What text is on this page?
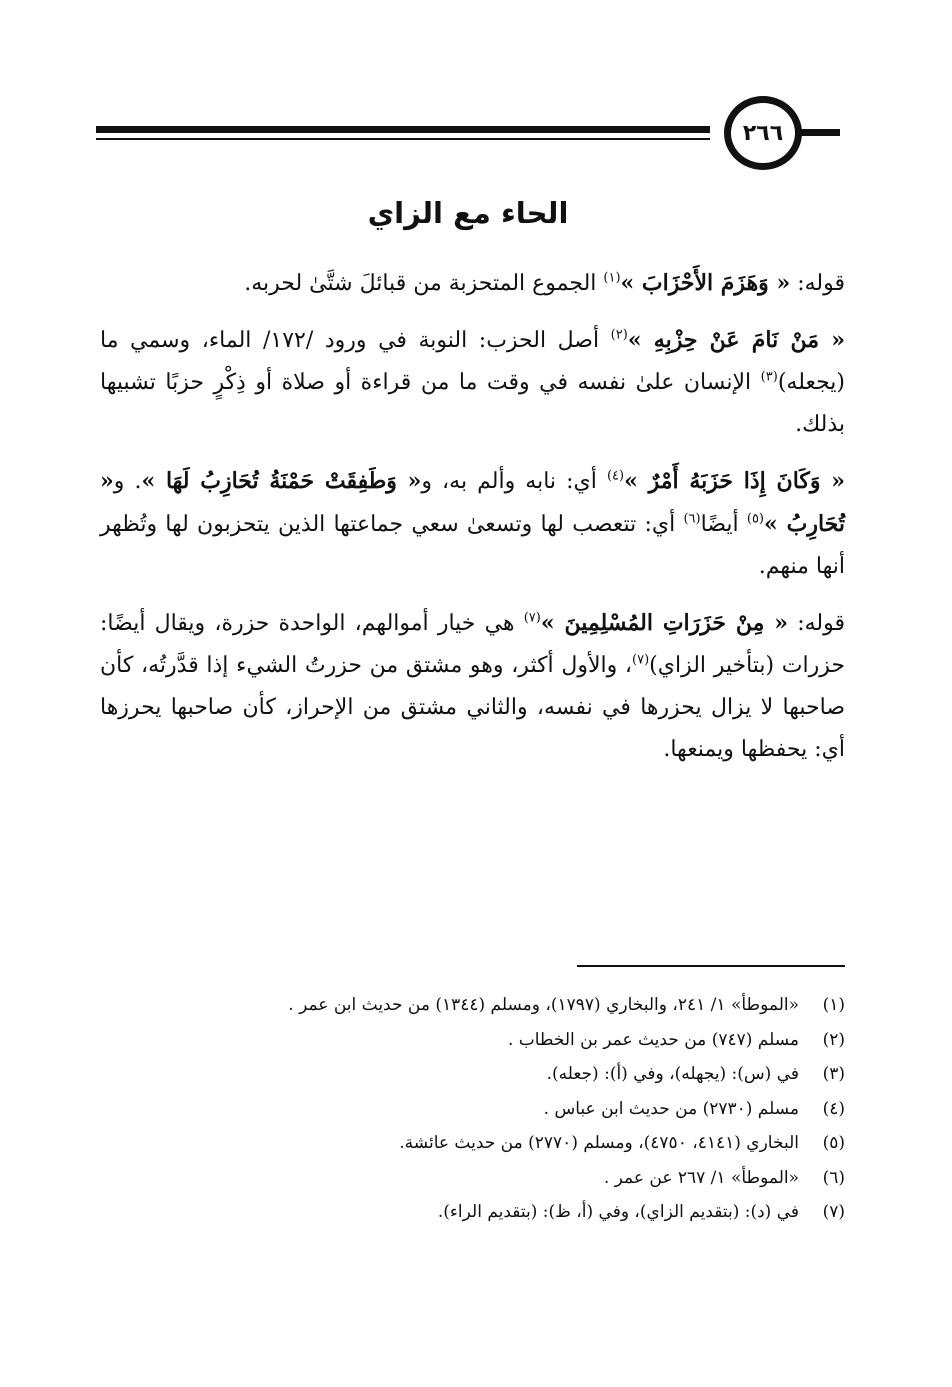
٢٦٦
الحاء مع الزاي

قوله: « وَهَزَمَ الأَحْزَابَ »$^{(١)}$ الجموع المتحزبة من قبائلَ شتَّىٰ لحربه.

« مَنْ نَامَ عَنْ حِزْبِهِ »$^{(٢)}$ أصل الحزب: النوبة في ورود /١٧٢/ الماء، وسمي ما (يجعله)$^{(٣)}$ الإنسان علىٰ نفسه في وقت ما من قراءة أو صلاة أو ذِكْرٍ حزبًا تشبيها بذلك.

« وَكَانَ إِذَا حَزَبَهُ أَمْرٌ »$^{(٤)}$ أي: نابه وألم به، و« وَطَفِقَتْ حَمْنَةُ تُحَازِبُ لَهَا ». و« تُحَارِبُ »$^{(٥)}$ أيضًا$^{(٦)}$ أي: تتعصب لها وتسعىٰ سعي جماعتها الذين يتحزبون لها وتُظهر أنها منهم.

قوله: « مِنْ حَزَرَاتِ المُسْلِمِينَ »$^{(٧)}$ هي خيار أموالهم، الواحدة حزرة، ويقال أيضًا: حزرات (بتأخير الزاي)$^{(٧)}$، والأول أكثر، وهو مشتق من حزرتُ الشيء إذا قدَّرتُه، كأن صاحبها لا يزال يحزرها في نفسه، والثاني مشتق من الإحراز، كأن صاحبها يحرزها أي: يحفظها ويمنعها.

(١)
«الموطأ» ١/ ٢٤١، والبخاري (١٧٩٧)، ومسلم (١٣٤٤) من حديث ابن عمر .
(٢)
مسلم (٧٤٧) من حديث عمر بن الخطاب .
(٣)
في (س): (يجهله)، وفي (أ): (جعله).
(٤)
مسلم (٢٧٣٠) من حديث ابن عباس .
(٥)
البخاري (٤١٤١، ٤٧٥٠)، ومسلم (٢٧٧٠) من حديث عائشة.
(٦)
«الموطأ» ١/ ٢٦٧ عن عمر .
(٧)
في (د): (بتقديم الزاي)، وفي (أ، ظ): (بتقديم الراء).
